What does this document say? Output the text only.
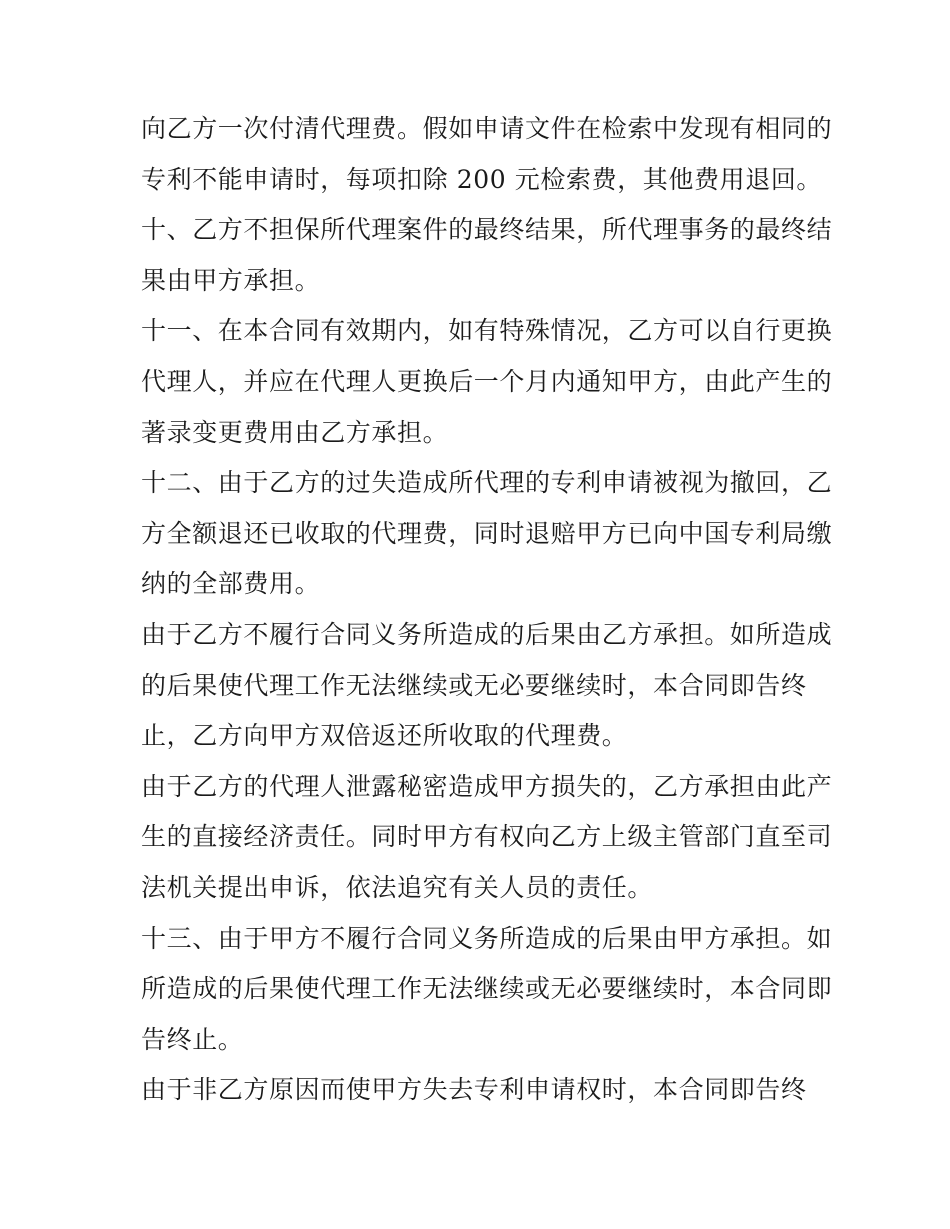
向乙方一次付清代理费。假如申请文件在检索中发现有相同的
专利不能申请时，每项扣除 200 元检索费，其他费用退回。
十、乙方不担保所代理案件的最终结果，所代理事务的最终结
果由甲方承担。
十一、在本合同有效期内，如有特殊情况，乙方可以自行更换
代理人，并应在代理人更换后一个月内通知甲方，由此产生的
著录变更费用由乙方承担。
十二、由于乙方的过失造成所代理的专利申请被视为撤回，乙
方全额退还已收取的代理费，同时退赔甲方已向中国专利局缴
纳的全部费用。
由于乙方不履行合同义务所造成的后果由乙方承担。如所造成
的后果使代理工作无法继续或无必要继续时，本合同即告终
止，乙方向甲方双倍返还所收取的代理费。
由于乙方的代理人泄露秘密造成甲方损失的，乙方承担由此产
生的直接经济责任。同时甲方有权向乙方上级主管部门直至司
法机关提出申诉，依法追究有关人员的责任。
十三、由于甲方不履行合同义务所造成的后果由甲方承担。如
所造成的后果使代理工作无法继续或无必要继续时，本合同即
告终止。
由于非乙方原因而使甲方失去专利申请权时，本合同即告终
